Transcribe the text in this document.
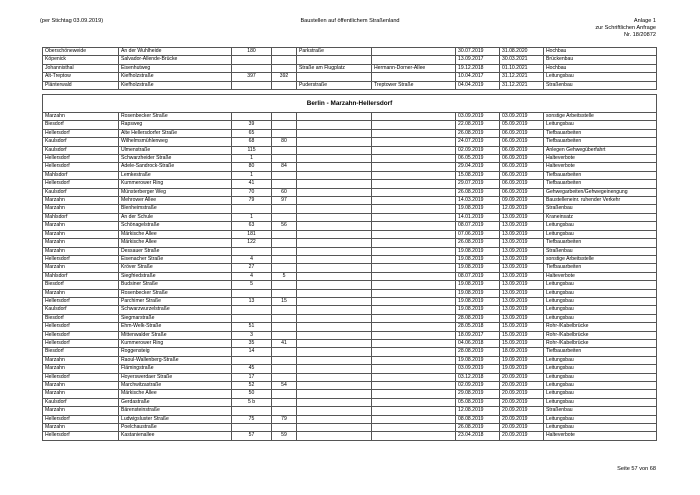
(per Stichtag 03.09.2019)	Baustellen auf öffentlichem Straßenland	Anlage 1
zur Schriftlichen Anfrage
Nr. 18/20872
Oberschöneweide	An der Wuhlheide	180		Parkstraße		30.07.2019	31.08.2020	Hochbau
Köpenick	Salvador-Allende-Brücke					13.09.2017	30.03.2021	Brückenbau
Johannisthal	Eisenhutweg			Straße am Flugplatz	Hermann-Dorner-Allee	19.12.2018	01.10.2021	Hochbau
Alt-Treptow	Kiefholzstraße	397	392			10.04.2017	31.12.2021	Leitungsbau
Plänterwald	Kiefholzstraße			Puderstraße	Treptower Straße	04.04.2019	31.12.2021	Straßenbau
Berlin - Marzahn-Hellersdorf								
Marzahn	Rosenbecker Straße					03.09.2019	03.09.2019	sonstige Arbeitsstelle
Biesdorf	Rapsweg	39				22.08.2019	05.09.2019	Leitungsbau
Hellersdorf	Alte Hellersdorfer Straße	65				26.08.2019	06.09.2019	Tiefbauarbeiten
Kaulsdorf	Wilhelmsmühlenweg	68	80			24.07.2019	06.09.2019	Tiefbauarbeiten
Kaulsdorf	Ulmenstraße	115				02.09.2019	06.09.2019	Anlegen Gehwegüberfahrt
Hellersdorf	Schwarzheider Straße	1				06.05.2019	06.09.2019	Halteverbote
Hellersdorf	Adele-Sandrock-Straße	80	84			29.04.2019	06.09.2019	Halteverbote
Mahlsdorf	Lemkestraße	1				15.08.2019	06.09.2019	Tiefbauarbeiten
Hellersdorf	Kummerower Ring	41				29.07.2019	06.09.2019	Tiefbauarbeiten
Kaulsdorf	Münsterberger Weg	70	60			26.08.2019	06.09.2019	Gehwegarbeiten/Gehwegeinengung
Marzahn	Mehrower Allee	79	97			14.03.2019	09.09.2019	Baustelleneinr. ruhender Verkehr
Marzahn	Blenheimstraße					19.08.2019	12.09.2019	Straßenbau
Mahlsdorf	An der Schule	1				14.01.2019	13.09.2019	Kraneinsatz
Marzahn	Schönagelstraße	63	56			08.07.2019	13.09.2019	Leitungsbau
Marzahn	Märkische Allee	181				07.06.2019	13.09.2019	Leitungsbau
Marzahn	Märkische Allee	122				26.08.2019	13.09.2019	Tiefbauarbeiten
Marzahn	Dessauer Straße					19.08.2019	13.09.2019	Straßenbau
Hellersdorf	Eisenacher Straße	4				19.08.2019	13.09.2019	sonstige Arbeitsstelle
Marzahn	Kröver Straße	27				19.08.2019	13.09.2019	Tiefbauarbeiten
Mahlsdorf	Siegfriedstraße	4	5			08.07.2019	13.09.2019	Halteverbote
Biesdorf	Budsiner Straße	5				19.08.2019	13.09.2019	Leitungsbau
Marzahn	Rosenbecker Straße					19.08.2019	13.09.2019	Leitungsbau
Hellersdorf	Parchimer Straße	13	15			19.08.2019	13.09.2019	Leitungsbau
Kaulsdorf	Schwarzwurzelstraße					19.08.2019	13.09.2019	Leitungsbau
Biesdorf	Siegmarstraße					28.08.2019	13.09.2019	Leitungsbau
Hellersdorf	Ehm-Welk-Straße	51				28.05.2018	15.09.2019	Rohr-/Kabelbrücke
Hellersdorf	Mittenwalder Straße	3				18.09.2017	15.09.2019	Rohr-/Kabelbrücke
Hellersdorf	Kummerower Ring	35	41			04.06.2018	15.09.2019	Rohr-/Kabelbrücke
Biesdorf	Roggensteig	14				28.08.2019	18.09.2019	Tiefbauarbeiten
Marzahn	Raoul-Wallenberg-Straße					19.08.2019	19.09.2019	Leitungsbau
Marzahn	Flämingstraße	45				03.09.2019	19.09.2019	Leitungsbau
Hellersdorf	Hoyerswerdaer Straße	17				03.12.2018	20.09.2019	Leitungsbau
Marzahn	Marchwitzastraße	52	54			02.09.2019	20.09.2019	Leitungsbau
Marzahn	Märkische Allee	50				29.08.2019	20.09.2019	Leitungsbau
Kaulsdorf	Gerdastraße	5 b				05.08.2019	20.09.2019	Leitungsbau
Marzahn	Bärensteinstraße					12.08.2019	20.09.2019	Straßenbau
Hellersdorf	Ludwigsluster Straße	75	79			08.08.2019	20.09.2019	Leitungsbau
Marzahn	Poelchaustraße					26.08.2019	20.09.2019	Leitungsbau
Hellersdorf	Kastanienallee	57	59			23.04.2018	20.09.2019	Halteverbote
Seite 57 von 68
